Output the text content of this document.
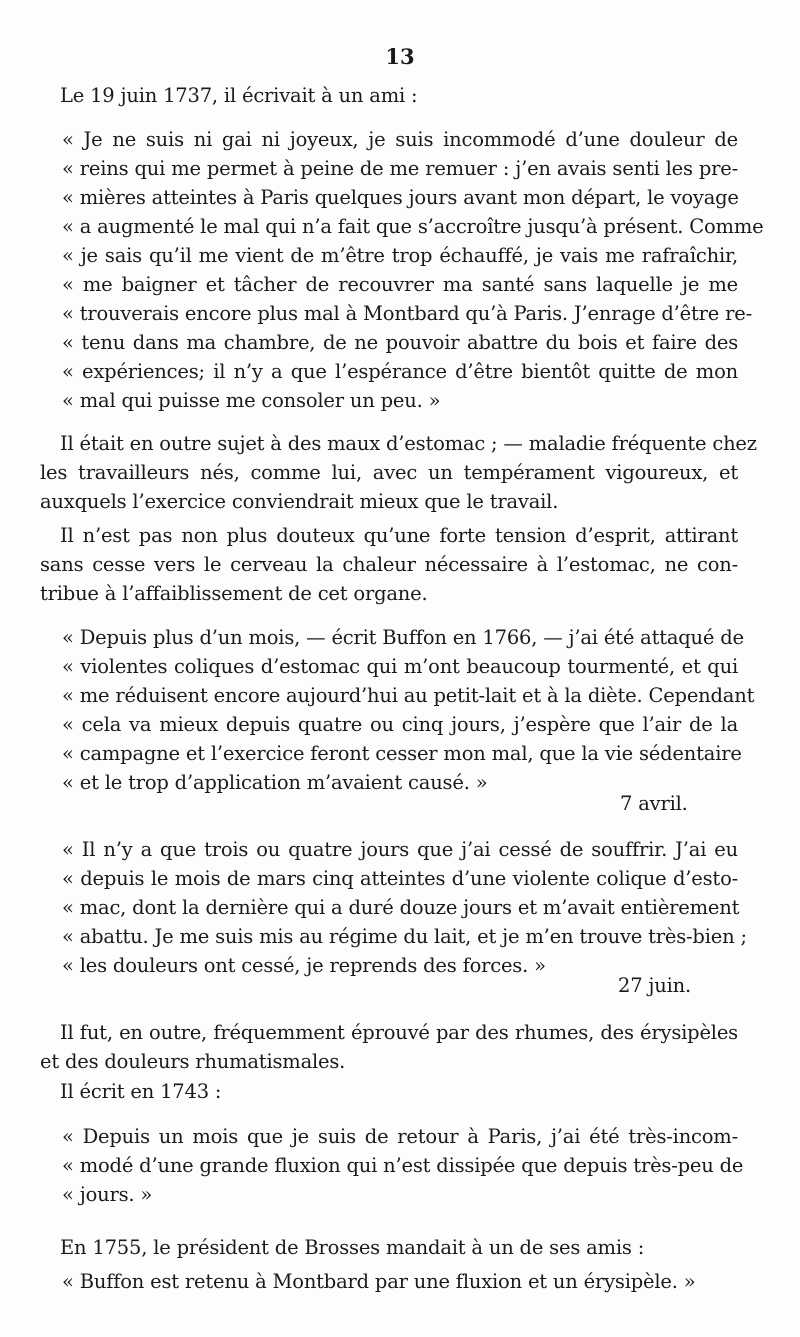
13
Le 19 juin 1737, il écrivait à un ami :
« Je ne suis ni gai ni joyeux, je suis incommodé d’une douleur de
« reins qui me permet à peine de me remuer : j’en avais senti les pre-
« mières atteintes à Paris quelques jours avant mon départ, le voyage
« a augmenté le mal qui n’a fait que s’accroître jusqu’à présent. Comme
« je sais qu’il me vient de m’être trop échauffé, je vais me rafraîchir,
« me baigner et tâcher de recouvrer ma santé sans laquelle je me
« trouverais encore plus mal à Montbard qu’à Paris. J’enrage d’être re-
« tenu dans ma chambre, de ne pouvoir abattre du bois et faire des
« expériences; il n’y a que l’espérance d’être bientôt quitte de mon
« mal qui puisse me consoler un peu. »
Il était en outre sujet à des maux d’estomac ; — maladie fréquente chez
les travailleurs nés, comme lui, avec un tempérament vigoureux, et
auxquels l’exercice conviendrait mieux que le travail.
Il n’est pas non plus douteux qu’une forte tension d’esprit, attirant
sans cesse vers le cerveau la chaleur nécessaire à l’estomac, ne con-
tribue à l’affaiblissement de cet organe.
« Depuis plus d’un mois, — écrit Buffon en 1766, — j’ai été attaqué de
« violentes coliques d’estomac qui m’ont beaucoup tourmenté, et qui
« me réduisent encore aujourd’hui au petit-lait et à la diète. Cependant
« cela va mieux depuis quatre ou cinq jours, j’espère que l’air de la
« campagne et l’exercice feront cesser mon mal, que la vie sédentaire
« et le trop d’application m’avaient causé. »
7 avril.
« Il n’y a que trois ou quatre jours que j’ai cessé de souffrir. J’ai eu
« depuis le mois de mars cinq atteintes d’une violente colique d’esto-
« mac, dont la dernière qui a duré douze jours et m’avait entièrement
« abattu. Je me suis mis au régime du lait, et je m’en trouve très-bien ;
« les douleurs ont cessé, je reprends des forces. »
27 juin.
Il fut, en outre, fréquemment éprouvé par des rhumes, des érysipèles
et des douleurs rhumatismales.
Il écrit en 1743 :
« Depuis un mois que je suis de retour à Paris, j’ai été très-incom-
« modé d’une grande fluxion qui n’est dissipée que depuis très-peu de
« jours. »
En 1755, le président de Brosses mandait à un de ses amis :
« Buffon est retenu à Montbard par une fluxion et un érysipèle. »
